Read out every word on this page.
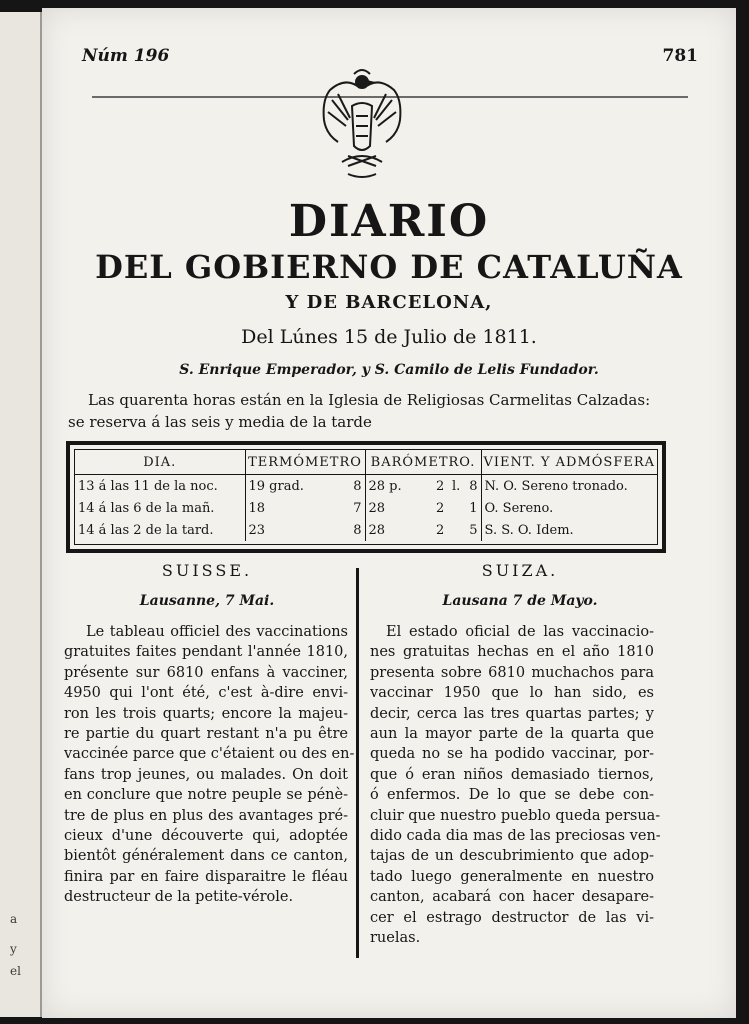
a
y
el
Núm 196	781
DIARIO
DEL GOBIERNO DE CATALUÑA
Y DE BARCELONA,
Del Lúnes 15 de Julio de 1811.
S. Enrique Emperador, y S. Camilo de Lelis Fundador.
Las quarenta horas están en la Iglesia de Religiosas Carmelitas Calzadas:
se reserva á las seis y media de la tarde
DIA.	TERMÓMETRO		BARÓMETRO.				VIENT. Y ADMÓSFERA
13 á las 11 de la noc.	19 grad.	8	28 p.	2	l.	8	N. O. Sereno tronado.
14 á las 6 de la mañ.	18	7	28	2		1	O. Sereno.
14 á las 2 de la tard.	23	8	28	2		5	S. S. O. Idem.
SUISSE.
Lausanne, 7 Mai.
SUIZA.
Lausana 7 de Mayo.
Le tableau officiel des vaccinations
gratuites faites pendant l'année 1810,
présente sur 6810 enfans à vacciner,
4950 qui l'ont été, c'est à-dire envi-
ron les trois quarts; encore la majeu-
re partie du quart restant n'a pu être
vaccinée parce que c'étaient ou des en-
fans trop jeunes, ou malades. On doit
en conclure que notre peuple se pénè-
tre de plus en plus des avantages pré-
cieux d'une découverte qui, adoptée
bientôt généralement dans ce canton,
finira par en faire disparaitre le fléau
destructeur de la petite-vérole.
El estado oficial de las vaccinacio-
nes gratuitas hechas en el año 1810
presenta sobre 6810 muchachos para
vaccinar 1950 que lo han sido, es
decir, cerca las tres quartas partes; y
aun la mayor parte de la quarta que
queda no se ha podido vaccinar, por-
que ó eran niños demasiado tiernos,
ó enfermos. De lo que se debe con-
cluir que nuestro pueblo queda persua-
dido cada dia mas de las preciosas ven-
tajas de un descubrimiento que adop-
tado luego generalmente en nuestro
canton, acabará con hacer desapare-
cer el estrago destructor de las vi-
ruelas.
